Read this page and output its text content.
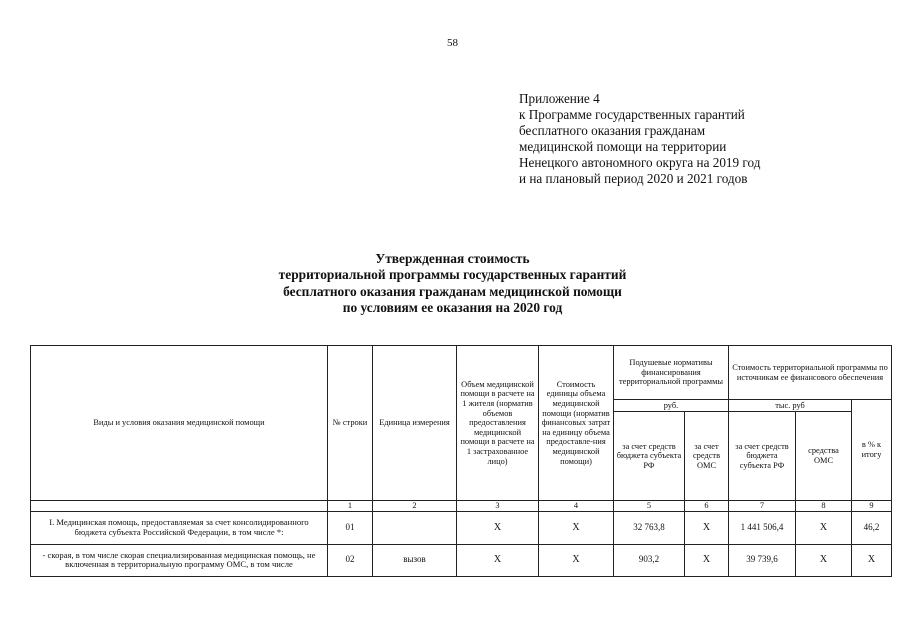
58
Приложение 4
к Программе государственных гарантий
бесплатного оказания гражданам
медицинской помощи на территории
Ненецкого автономного округа на 2019 год
и на плановый период 2020 и 2021 годов
Утвержденная стоимость
территориальной программы государственных гарантий
бесплатного оказания гражданам медицинской помощи
по условиям ее оказания на 2020 год
Виды и условия оказания медицинской помощи	№ строки	Единица измерения	Объем медицинской помощи в расчете на 1 жителя (норматив объемов предоставления медицинской помощи в расчете на 1 застрахованное лицо)	Стоимость единицы объема медицинской помощи (норматив финансовых затрат на единицу объема предоставле-ния медицинской помощи)	Подушевые нормативы финансирования территориальной программы		Стоимость территориальной программы по источникам ее финансового обеспечения		
					руб.		тыс. руб		в % к итогу
					за счет средств бюджета субъекта РФ	за счет средств ОМС	за счет средств бюджета субъекта РФ	средства ОМС	
	1	2	3	4	5	6	7	8	9
I. Медицинская помощь, предоставляемая за счет консолидированного бюджета субъекта Российской Федерации, в том числе *:	01		X	X	32 763,8	X	1 441 506,4	X	46,2
- скорая, в том числе скорая специализированная медицинская помощь, не включенная в территориальную программу ОМС, в том числе	02	вызов	X	X	903,2	X	39 739,6	X	X
